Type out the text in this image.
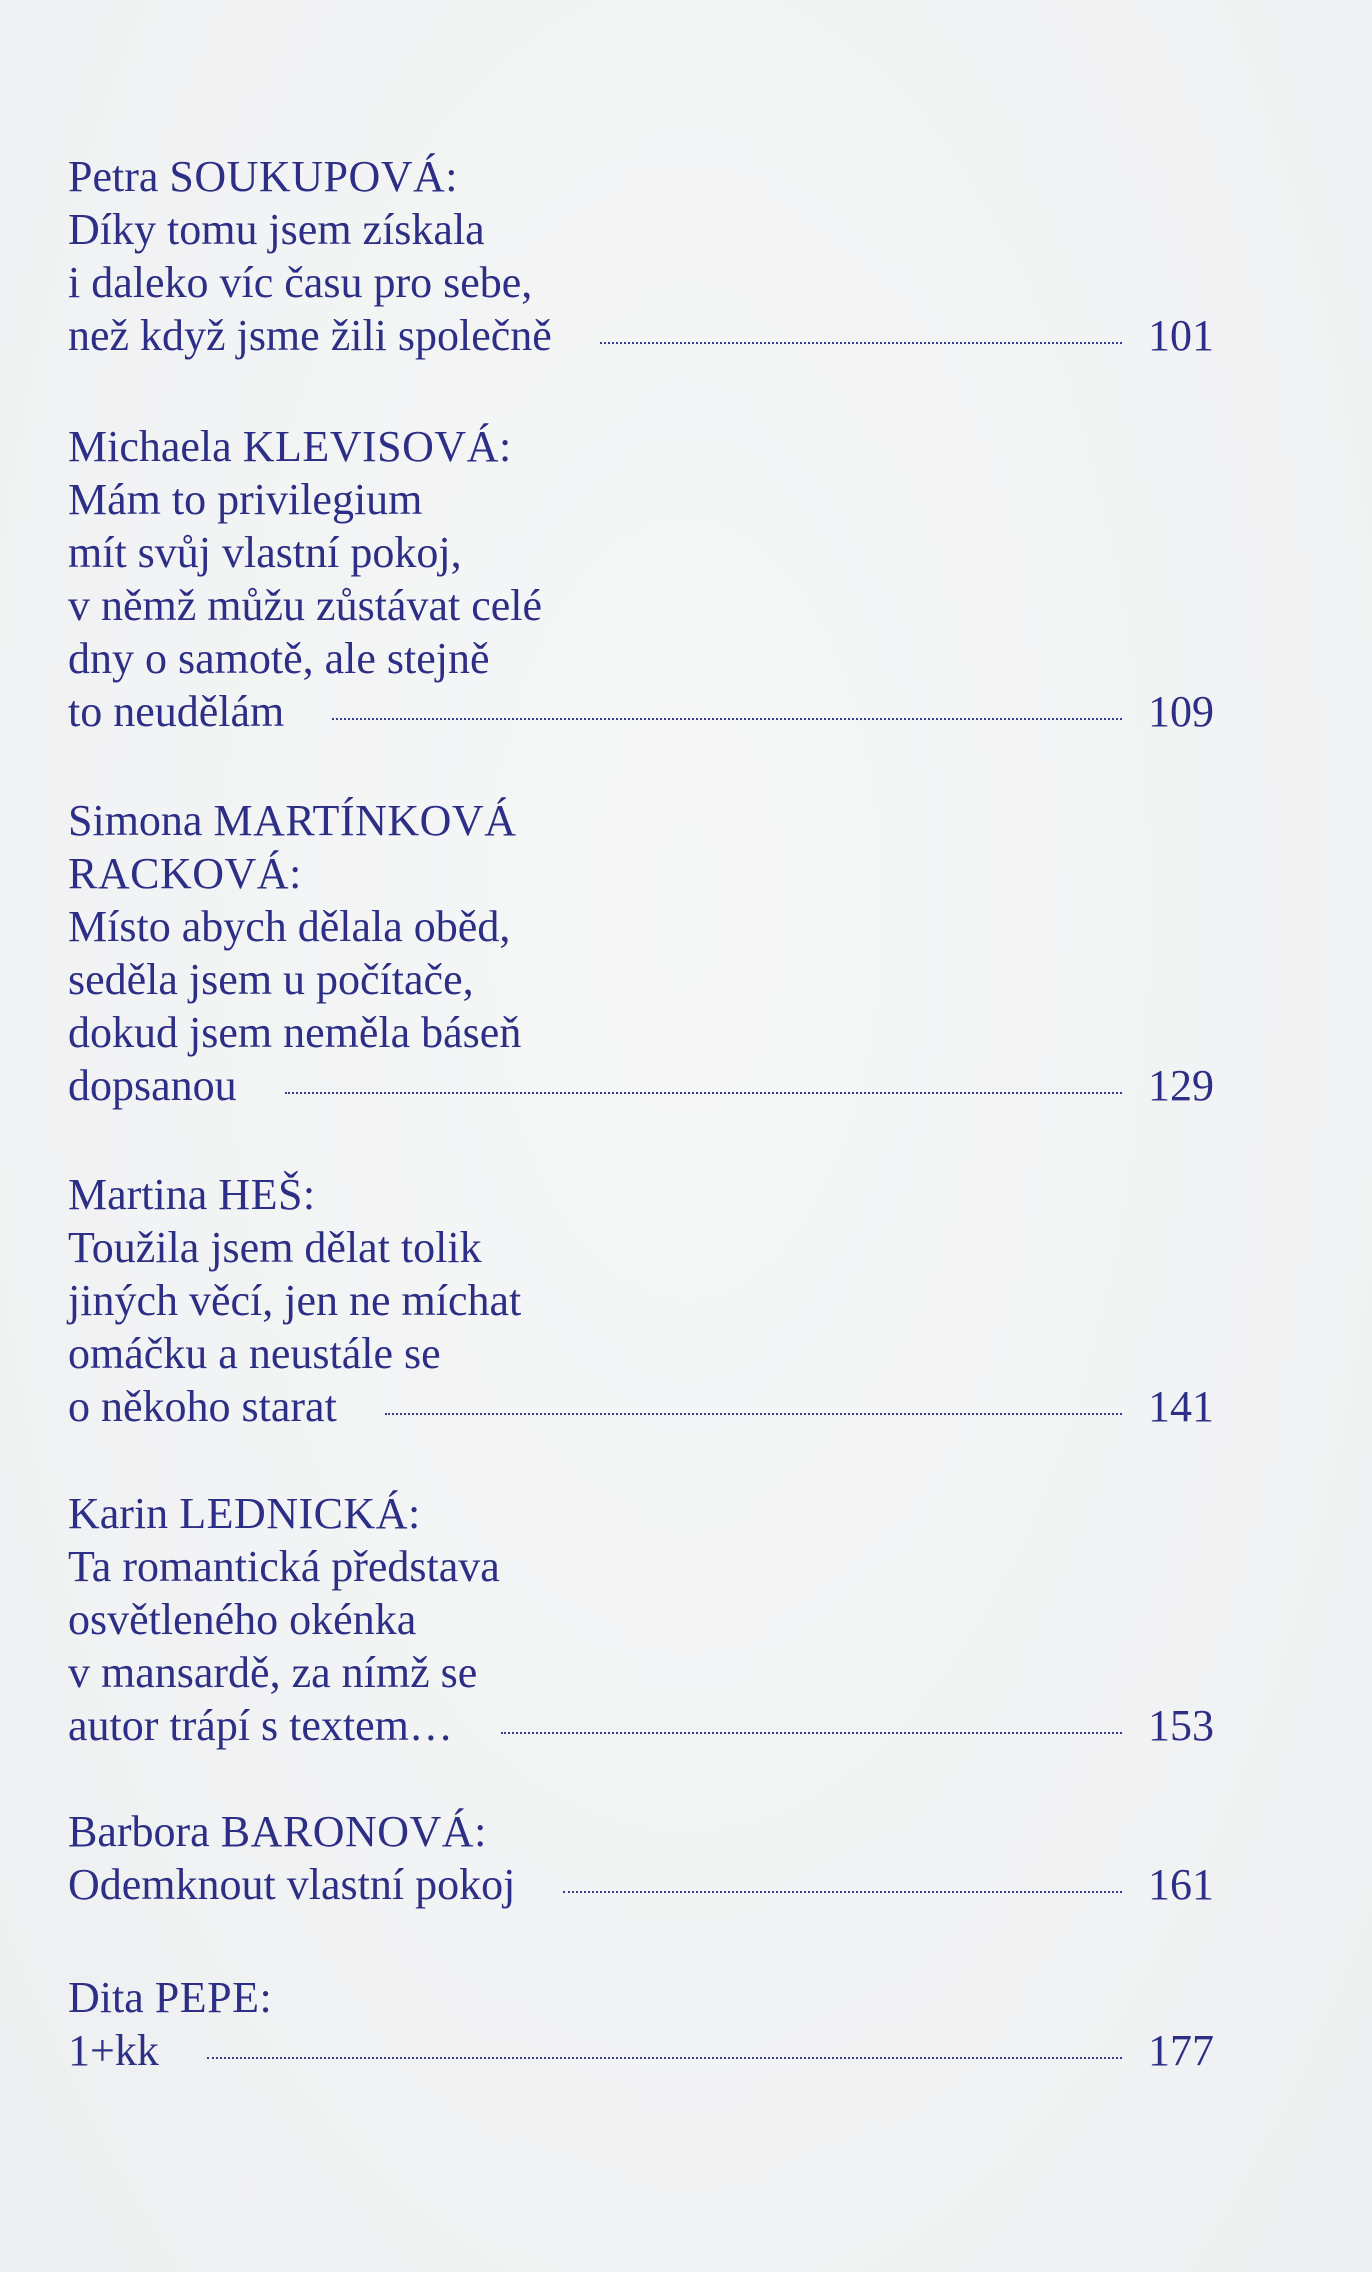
Petra SOUKUPOVÁ:
Díky tomu jsem získala
i daleko víc času pro sebe,
než když jsme žili společně	101
Michaela KLEVISOVÁ:
Mám to privilegium
mít svůj vlastní pokoj,
v němž můžu zůstávat celé
dny o samotě, ale stejně
to neudělám	109
Simona MARTÍNKOVÁ
RACKOVÁ:
Místo abych dělala oběd,
seděla jsem u počítače,
dokud jsem neměla báseň
dopsanou	129
Martina HEŠ:
Toužila jsem dělat tolik
jiných věcí, jen ne míchat
omáčku a neustále se
o někoho starat	141
Karin LEDNICKÁ:
Ta romantická představa
osvětleného okénka
v mansardě, za nímž se
autor trápí s textem…	153
Barbora BARONOVÁ:
Odemknout vlastní pokoj	161
Dita PEPE:
1+kk	177
